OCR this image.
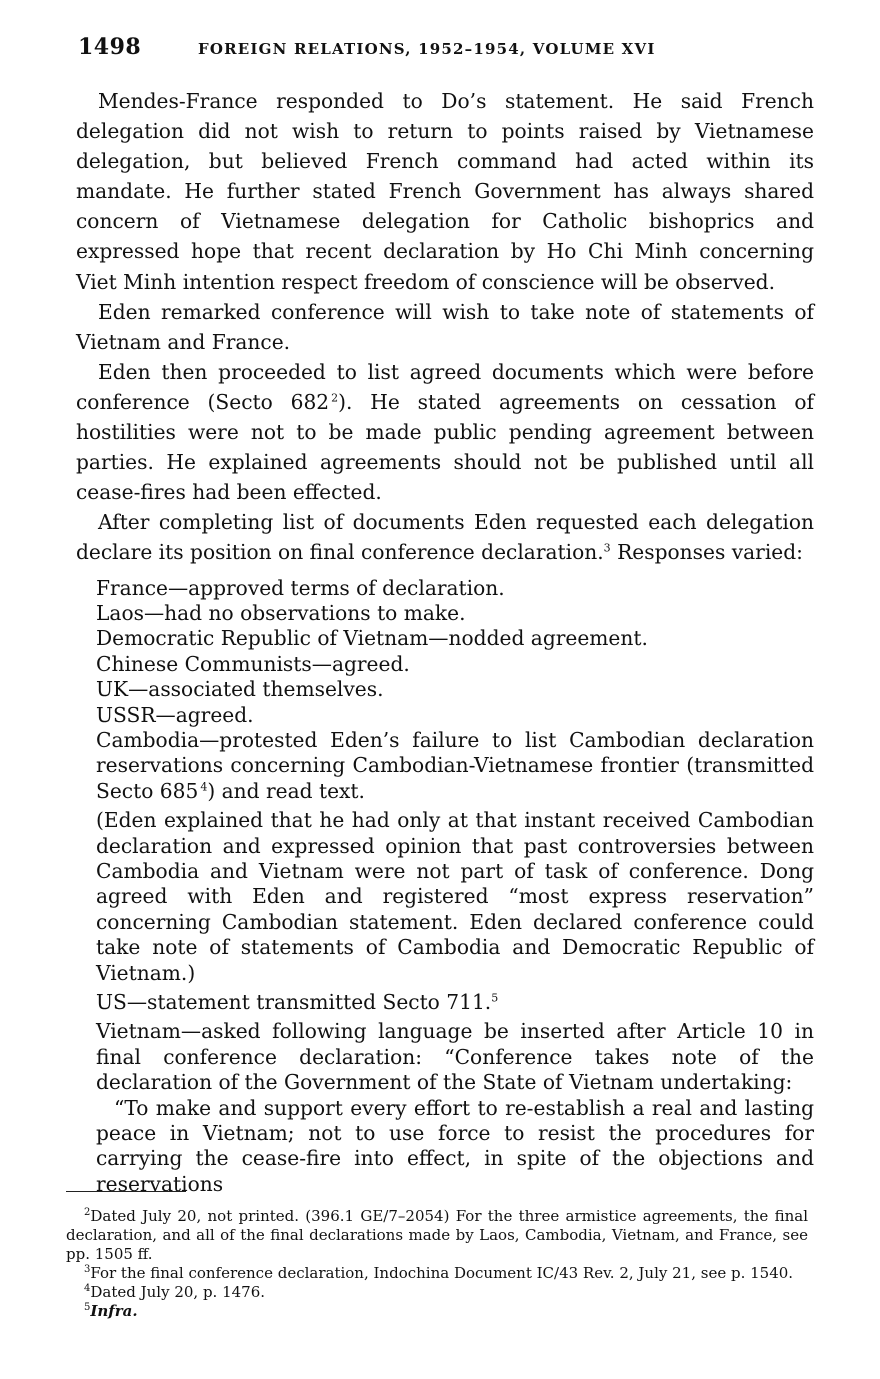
1498	FOREIGN RELATIONS, 1952–1954, VOLUME XVI

Mendes-France responded to Do’s statement. He said French delegation did not wish to return to points raised by Vietnamese delegation, but believed French command had acted within its mandate. He further stated French Government has always shared concern of Vietnamese delegation for Catholic bishoprics and expressed hope that recent declaration by Ho Chi Minh concerning Viet Minh intention respect freedom of conscience will be observed.

Eden remarked conference will wish to take note of statements of Vietnam and France.

Eden then proceeded to list agreed documents which were before conference (Secto 682  $^2$). He stated agreements on cessation of hostilities were not to be made public pending agreement between parties. He explained agreements should not be published until all cease-fires had been effected.

After completing list of documents Eden requested each delegation declare its position on final conference declaration.$^3$ Responses varied:

France—approved terms of declaration.
Laos—had no observations to make.
Democratic Republic of Vietnam—nodded agreement.
Chinese Communists—agreed.
UK—associated themselves.
USSR—agreed.
Cambodia—protested Eden’s failure to list Cambodian declaration reservations concerning Cambodian-Vietnamese frontier (transmitted Secto 685  $^4$) and read text.
(Eden explained that he had only at that instant received Cambodian declaration and expressed opinion that past controversies between Cambodia and Vietnam were not part of task of conference. Dong agreed with Eden and registered “most express reservation” concerning Cambodian statement. Eden declared conference could take note of statements of Cambodia and Democratic Republic of Vietnam.)
US—statement transmitted Secto 711.$^5$
Vietnam—asked following language be inserted after Article 10 in final conference declaration: “Conference takes note of the declaration of the Government of the State of Vietnam undertaking:
“To make and support every effort to re-establish a real and lasting peace in Vietnam; not to use force to resist the procedures for carrying the cease-fire into effect, in spite of the objections and reservations

$^2$Dated July 20, not printed. (396.1 GE/7–2054) For the three armistice agreements, the final declaration, and all of the final declarations made by Laos, Cambodia, Vietnam, and France, see pp. 1505 ff.

$^3$For the final conference declaration, Indochina Document IC/43 Rev. 2, July 21, see p. 1540.

$^4$Dated July 20, p. 1476.

$^5$Infra.
